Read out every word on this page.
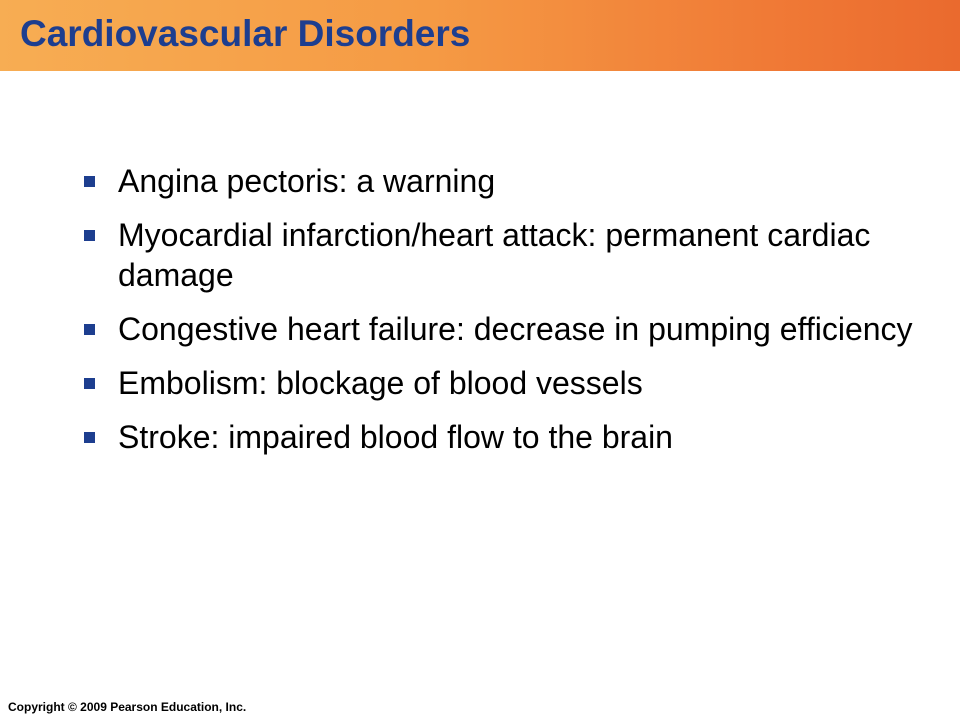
Cardiovascular Disorders
Angina pectoris: a warning
Myocardial infarction/heart attack: permanent cardiac damage
Congestive heart failure: decrease in pumping efficiency
Embolism: blockage of blood vessels
Stroke: impaired blood flow to the brain

Copyright © 2009 Pearson Education, Inc.
